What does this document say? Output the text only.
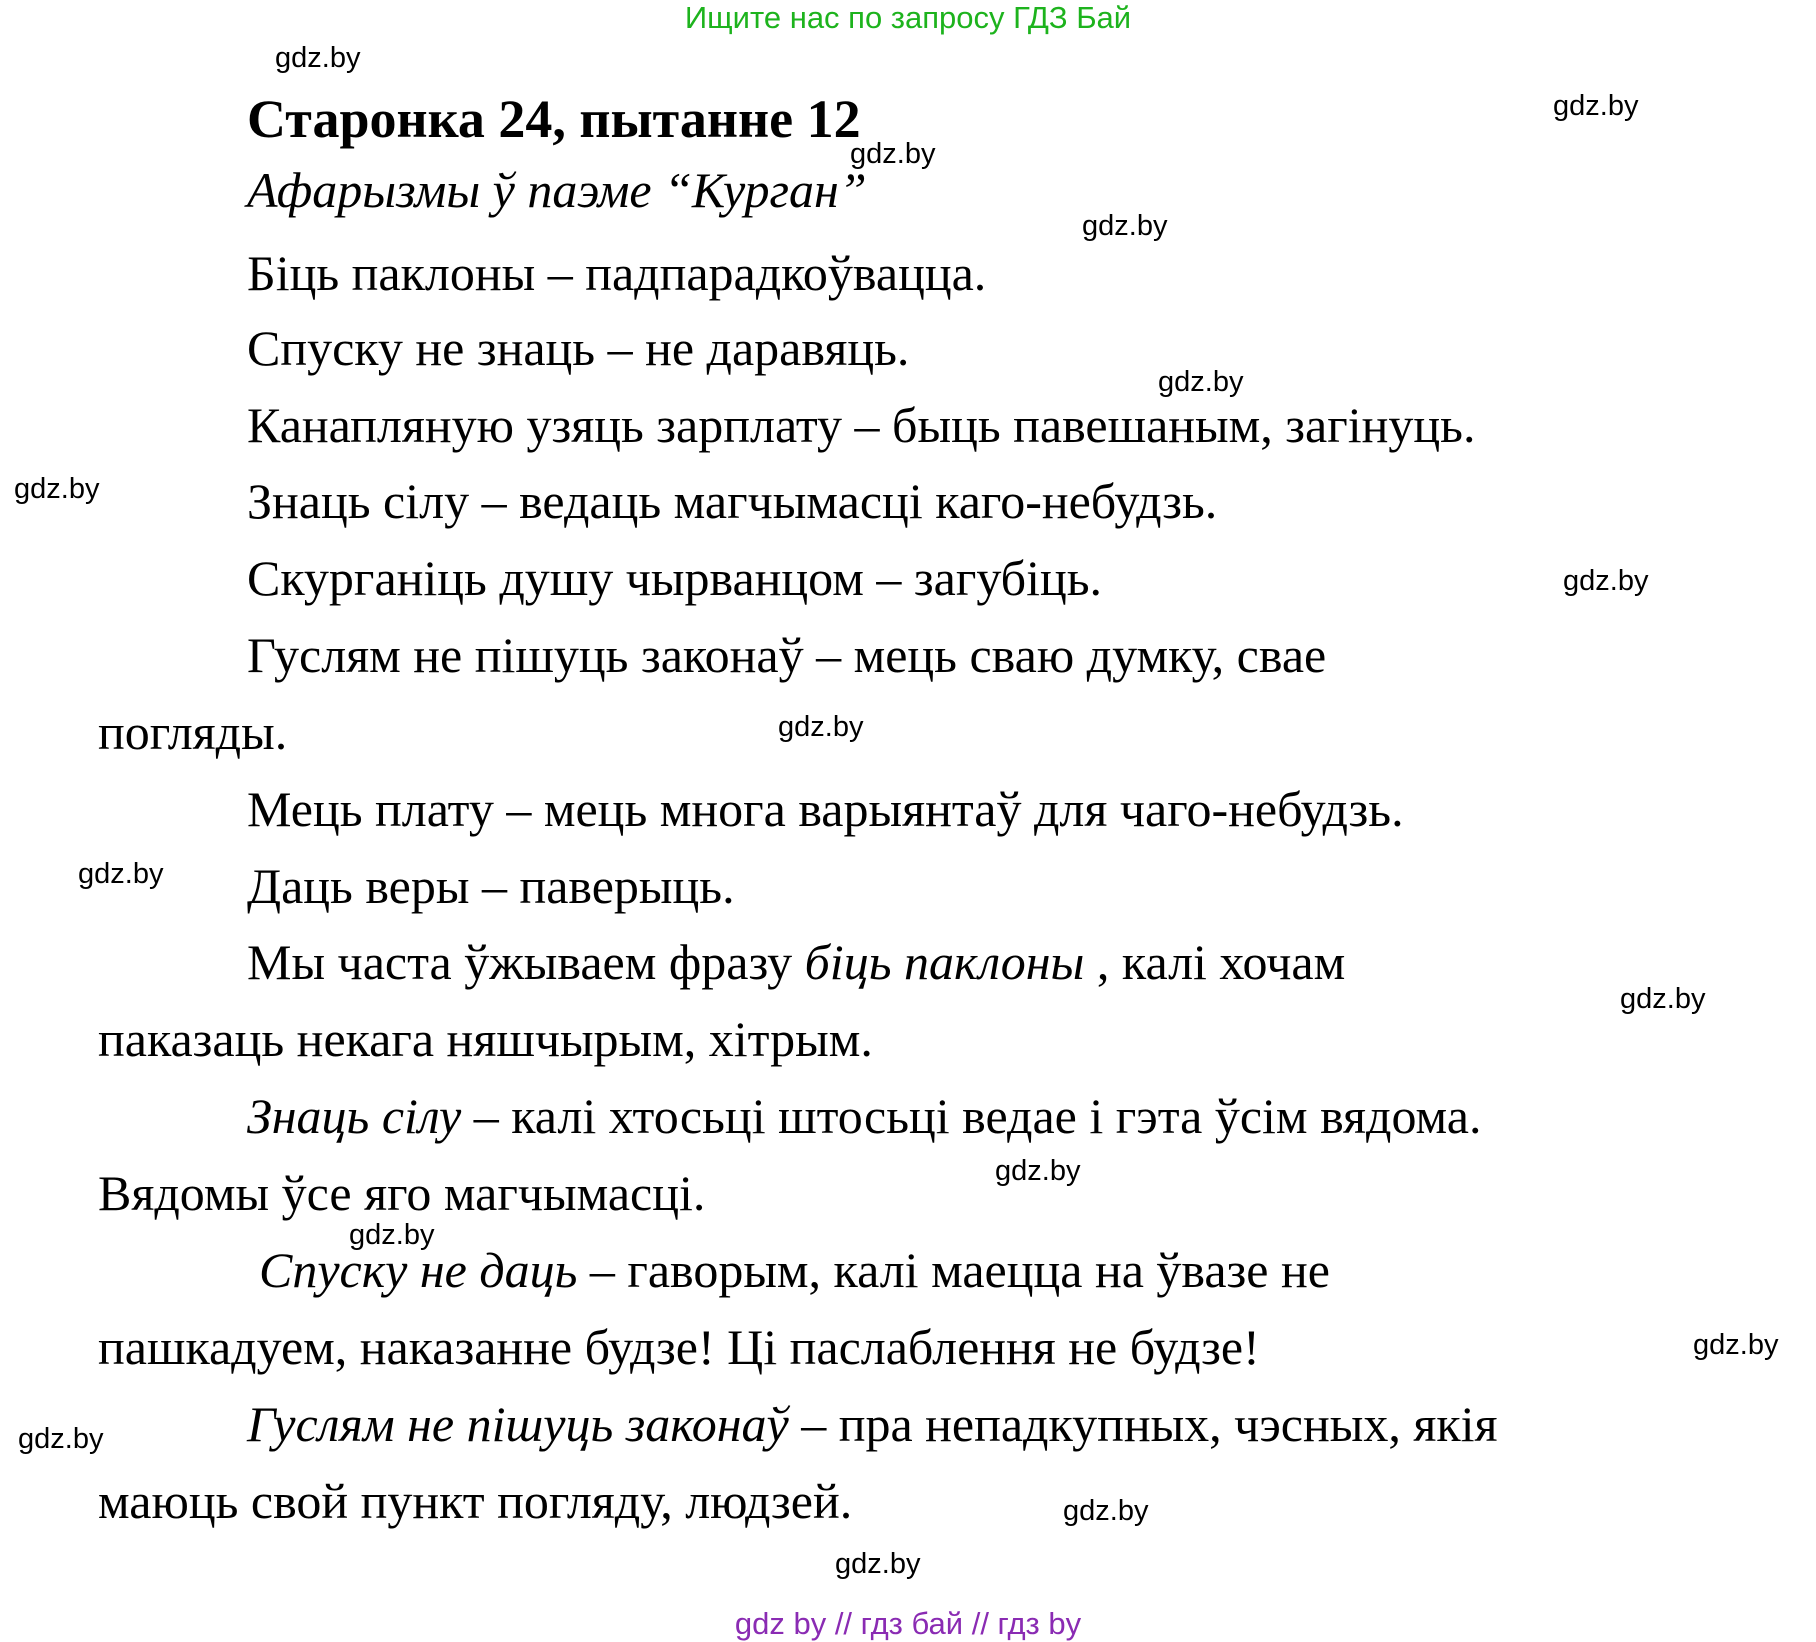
Ищите нас по запросу ГДЗ Бай
Старонка 24, пытанне 12
Афарызмы ў паэме “Курган”
Біць паклоны – падпарадкоўвацца.
Спуску не знаць – не даравяць.
Канапляную узяць зарплату – быць павешаным, загінуць.
Знаць сілу – ведаць магчымасці каго-небудзь.
Скурганіць душу чырванцом – загубіць.
Гуслям не пішуць законаў – мець сваю думку, свае
погляды.
Мець плату – мець многа варыянтаў для чаго-небудзь.
Даць веры – паверыць.
Мы часта ўжываем фразу біць паклоны , калі хочам
паказаць некага няшчырым, хітрым.
Знаць сілу – калі хтосьці штосьці ведае і гэта ўсім вядома.
Вядомы ўсе яго магчымасці.
Спуску не даць – гаворым, калі маецца на ўвазе не
пашкадуем, наказанне будзе! Ці паслаблення не будзе!
Гуслям не пішуць законаў – пра непадкупных, чэсных, якія
маюць свой пункт погляду, людзей.
gdz.by
gdz.by
gdz.by
gdz.by
gdz.by
gdz.by
gdz.by
gdz.by
gdz.by
gdz.by
gdz.by
gdz.by
gdz.by
gdz.by
gdz.by
gdz.by
gdz by // гдз бай // гдз by
